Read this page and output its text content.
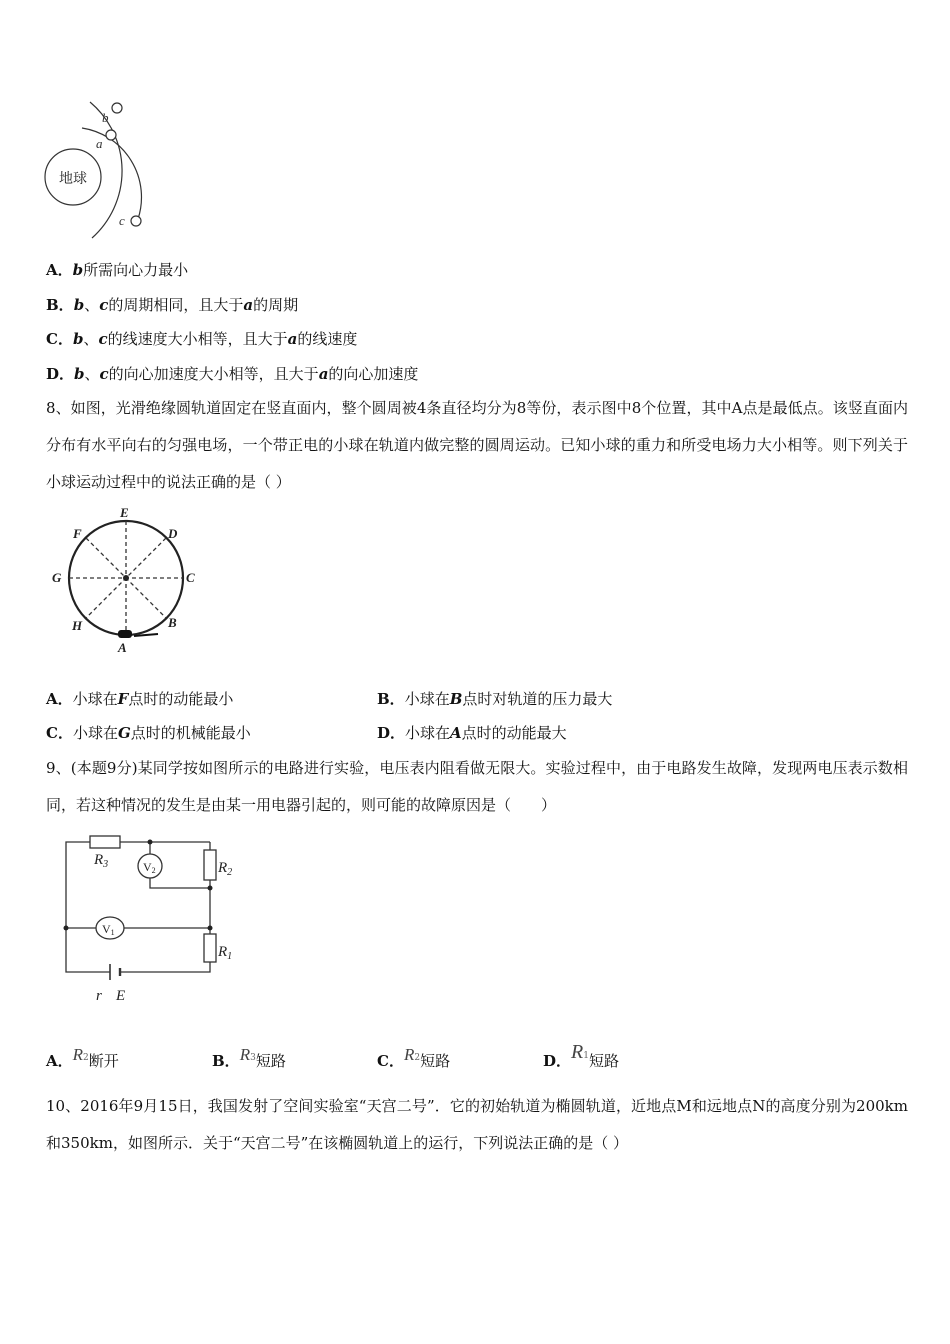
地球
b
a
c
A．b所需向心力最小
B．b、c的周期相同，且大于a的周期
C．b、c的线速度大小相等，且大于a的线速度
D．b、c的向心加速度大小相等，且大于a的向心加速度
8、如图，光滑绝缘圆轨道固定在竖直面内，整个圆周被4条直径均分为8等份，表示图中8个位置，其中A点是最低点。该竖直面内分布有水平向右的匀强电场，一个带正电的小球在轨道内做完整的圆周运动。已知小球的重力和所受电场力大小相等。则下列关于小球运动过程中的说法正确的是（ ）
E
D
C
B
A
H
G
F
A．小球在F点时的动能最小	B．小球在B点时对轨道的压力最大
C．小球在G点时的机械能最小	D．小球在A点时的动能最大
9、(本题9分)某同学按如图所示的电路进行实验，电压表内阻看做无限大。实验过程中，由于电路发生故障，发现两电压表示数相同，若这种情况的发生是由某一用电器引起的，则可能的故障原因是（　　）
$R_3$	$R_2$
$R_1$
V2
V1
r E
A．R2断开	B．R3短路	C．R2短路	D．R1短路
10、2016年9月15日，我国发射了空间实验室“天宫二号”．它的初始轨道为椭圆轨道，近地点M和远地点N的高度分别为200km和350km，如图所示．关于“天宫二号”在该椭圆轨道上的运行，下列说法正确的是（ ）
